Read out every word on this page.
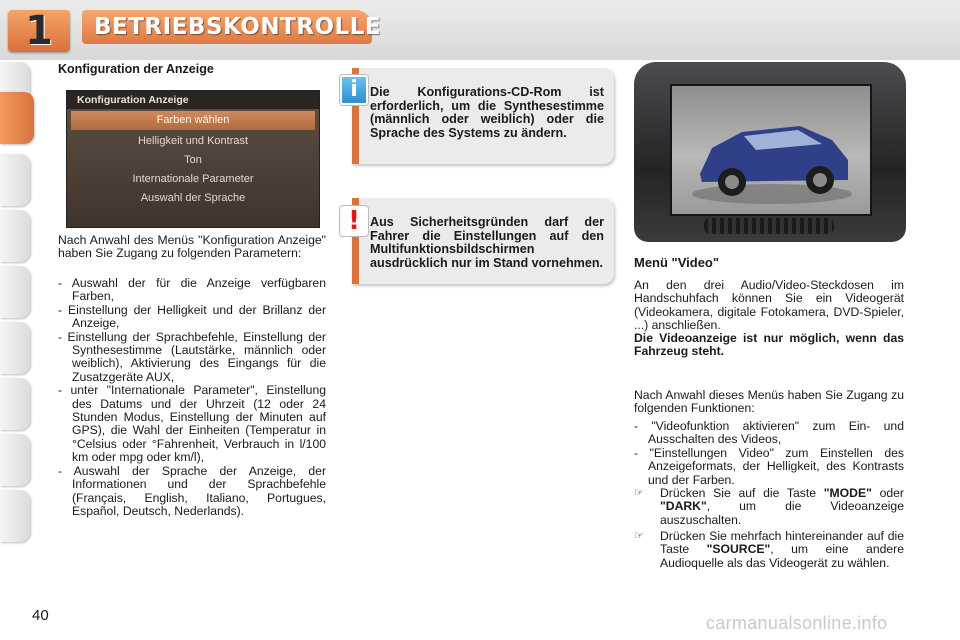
1	BETRIEBSKONTROLLE

Konfiguration der Anzeige

Konfiguration Anzeige
Farben wählen
Helligkeit und Kontrast
Ton
Internationale Parameter
Auswahl der Sprache

Nach Anwahl des Menüs "Konfiguration Anzeige" haben Sie Zugang zu folgenden Parametern:

- Auswahl der für die Anzeige verfügbaren Farben,
- Einstellung der Helligkeit und der Brillanz der Anzeige,
- Einstellung der Sprachbefehle, Einstellung der Synthesestimme (Lautstärke, männlich oder weiblich), Aktivierung des Eingangs für die Zusatzgeräte AUX,
- unter "Internationale Parameter", Einstellung des Datums und der Uhrzeit (12 oder 24 Stunden Modus, Einstellung der Minuten auf GPS), die Wahl der Einheiten (Temperatur in °Celsius oder °Fahrenheit, Verbrauch in l/100 km oder mpg oder km/l),
- Auswahl der Sprache der Anzeige, der Informationen und der Sprachbefehle (Français, English, Italiano, Portugues, Español, Deutsch, Nederlands).

Die Konfigurations-CD-Rom ist erforderlich, um die Synthesestimme (männlich oder weiblich) oder die Sprache des Systems zu ändern.

i

Aus Sicherheitsgründen darf der Fahrer die Einstellungen auf den Multifunktionsbildschirmen ausdrücklich nur im Stand vornehmen.

!

Menü "Video"

An den drei Audio/Video-Steckdosen im Handschuhfach können Sie ein Videogerät (Videokamera, digitale Fotokamera, DVD-Spieler, ...) anschließen.

Die Videoanzeige ist nur möglich, wenn das Fahrzeug steht.

Nach Anwahl dieses Menüs haben Sie Zugang zu folgenden Funktionen:

- "Videofunktion aktivieren" zum Ein- und Ausschalten des Videos,
- "Einstellungen Video" zum Einstellen des Anzeigeformats, der Helligkeit, des Kontrasts und der Farben.
☞	Drücken Sie auf die Taste "MODE" oder "DARK", um die Videoanzeige auszuschalten.
☞	Drücken Sie mehrfach hintereinander auf die Taste "SOURCE", um eine andere Audioquelle als das Videogerät zu wählen.
40	carmanualsonline.info
